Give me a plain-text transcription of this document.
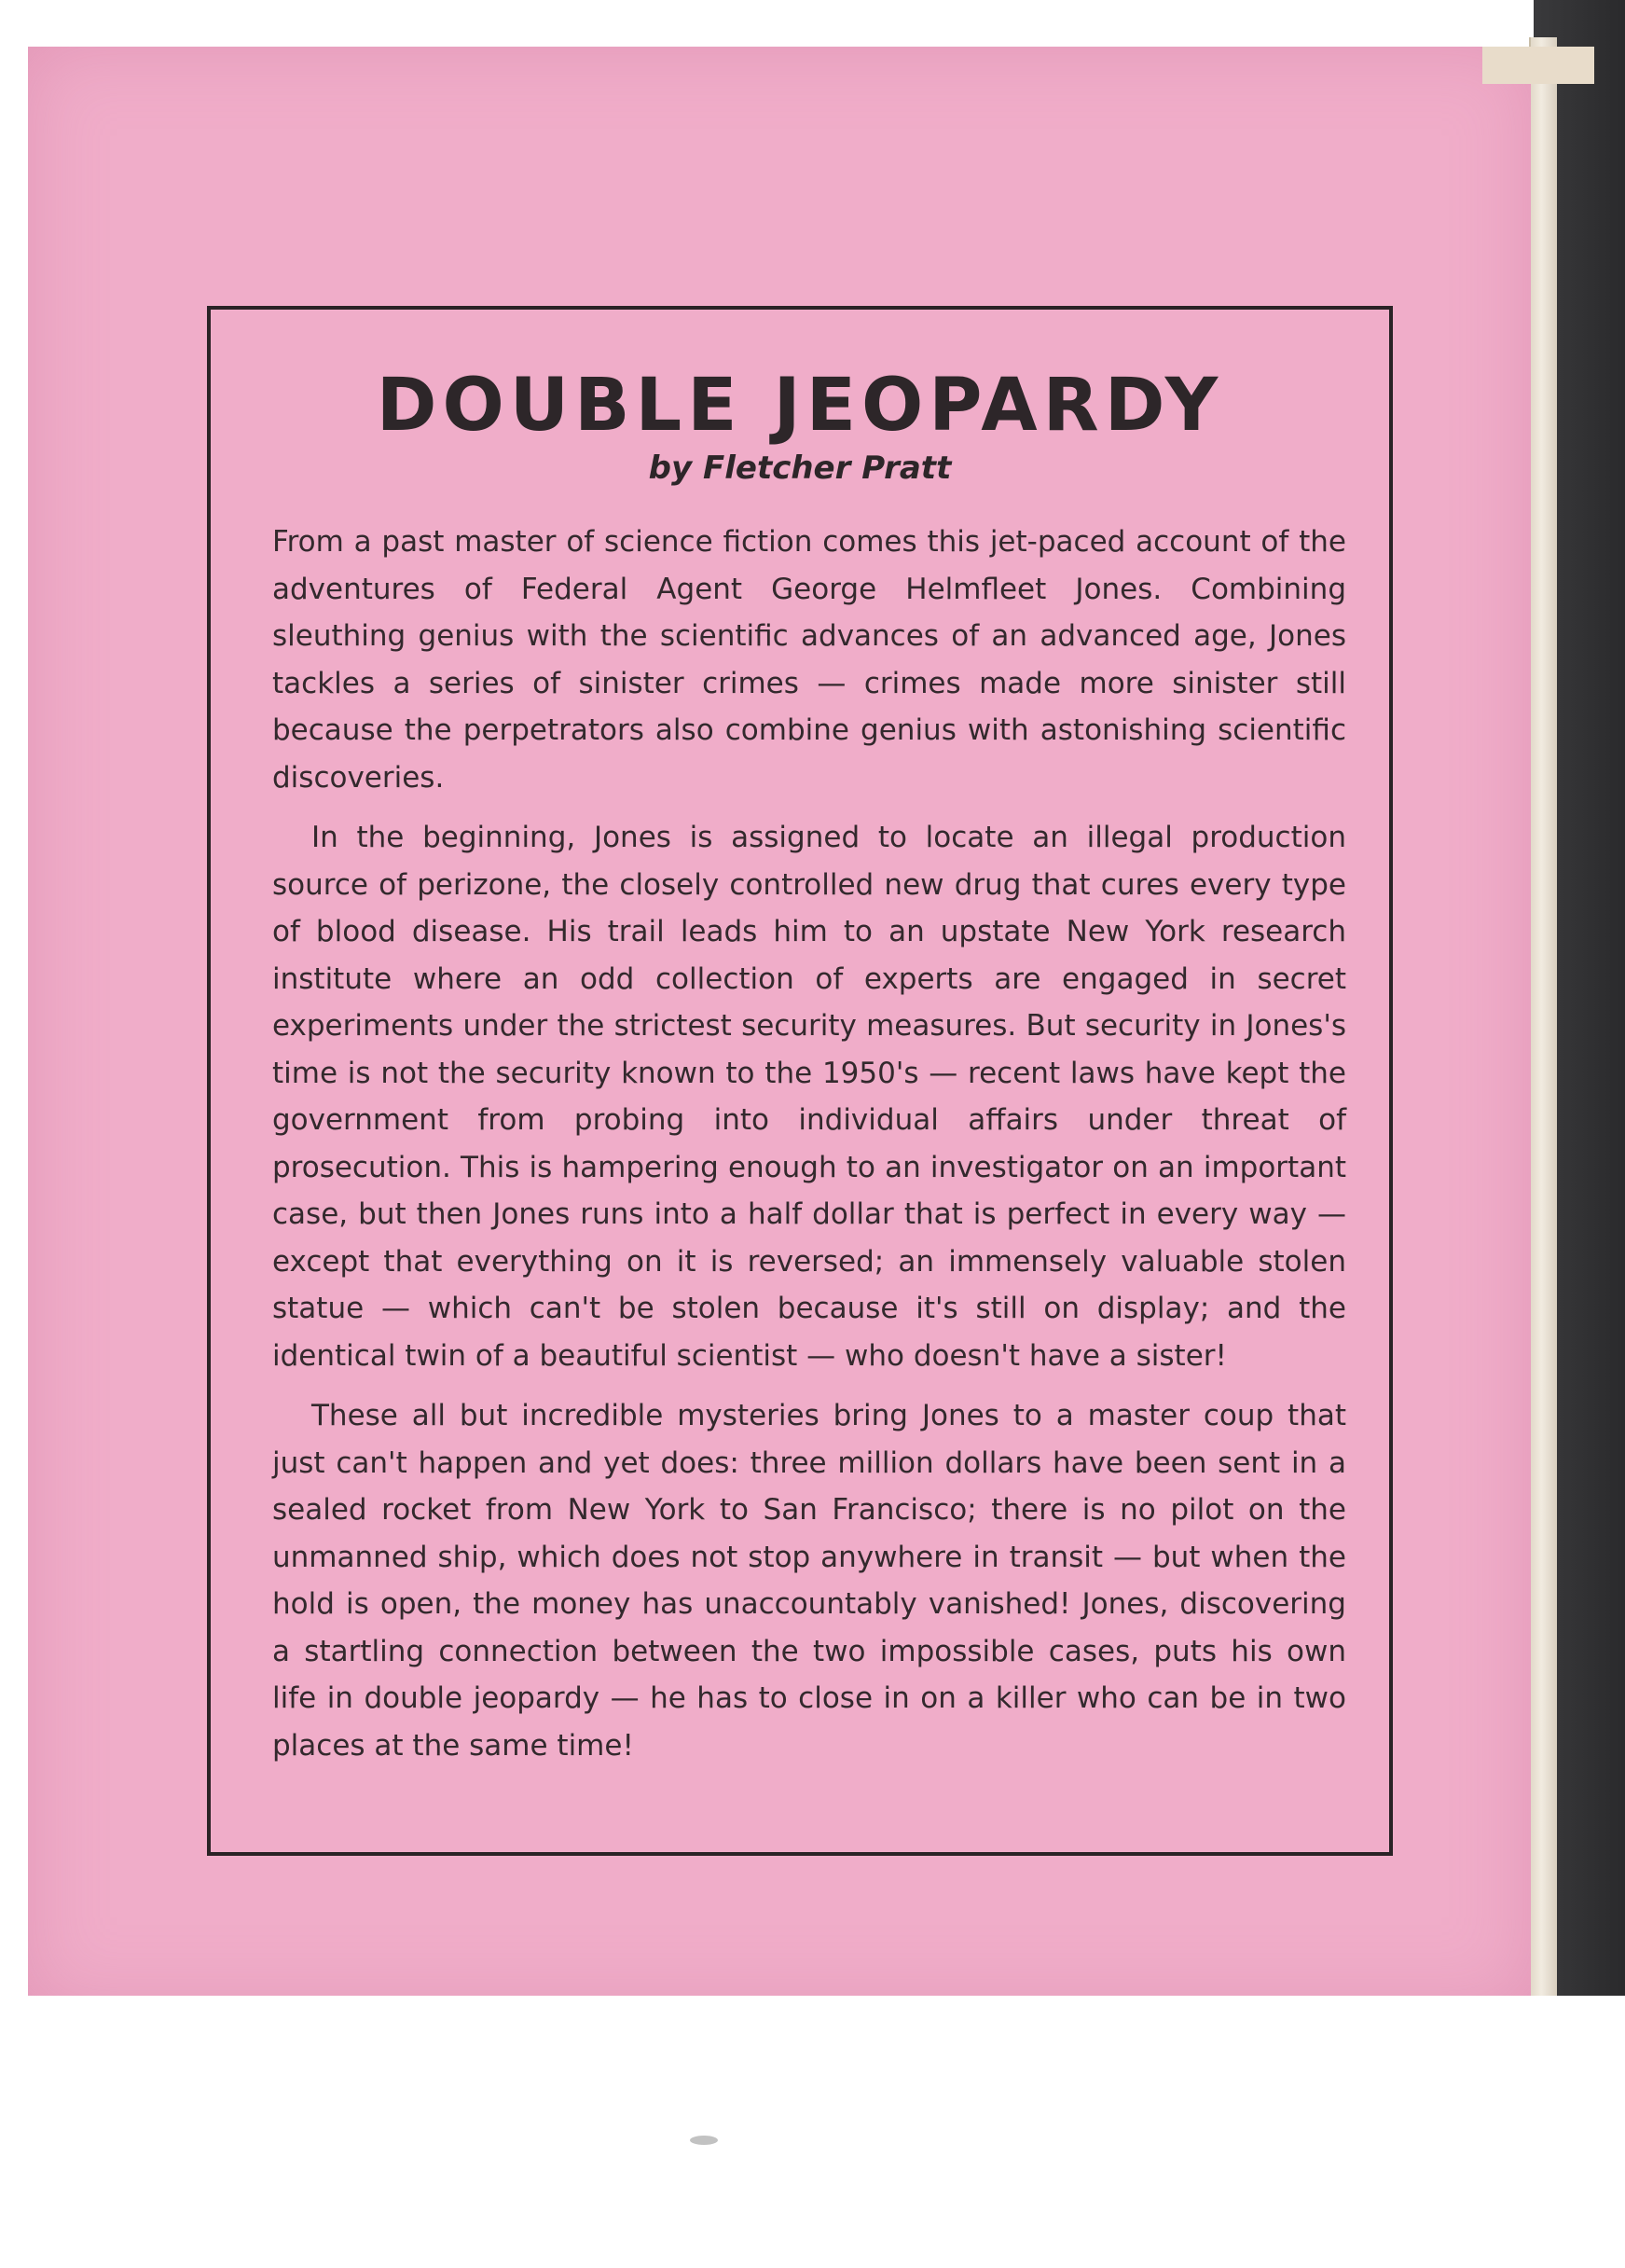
DOUBLE JEOPARDY
by Fletcher Pratt

From a past master of science fiction comes this jet-paced account of the adventures of Federal Agent George Helmfleet Jones. Combining sleuthing genius with the scientific advances of an advanced age, Jones tackles a series of sinister crimes — crimes made more sinister still because the perpetrators also combine genius with astonishing scientific discoveries.

In the beginning, Jones is assigned to locate an illegal production source of perizone, the closely controlled new drug that cures every type of blood disease. His trail leads him to an upstate New York research institute where an odd collection of experts are engaged in secret experiments under the strictest security measures. But security in Jones's time is not the security known to the 1950's — recent laws have kept the government from probing into individual affairs under threat of prosecution. This is hampering enough to an investigator on an important case, but then Jones runs into a half dollar that is perfect in every way — except that everything on it is reversed; an immensely valuable stolen statue — which can't be stolen because it's still on display; and the identical twin of a beautiful scientist — who doesn't have a sister!

These all but incredible mysteries bring Jones to a master coup that just can't happen and yet does: three million dollars have been sent in a sealed rocket from New York to San Francisco; there is no pilot on the unmanned ship, which does not stop anywhere in transit — but when the hold is open, the money has unaccountably vanished! Jones, discovering a startling connection between the two impossible cases, puts his own life in double jeopardy — he has to close in on a killer who can be in two places at the same time!
